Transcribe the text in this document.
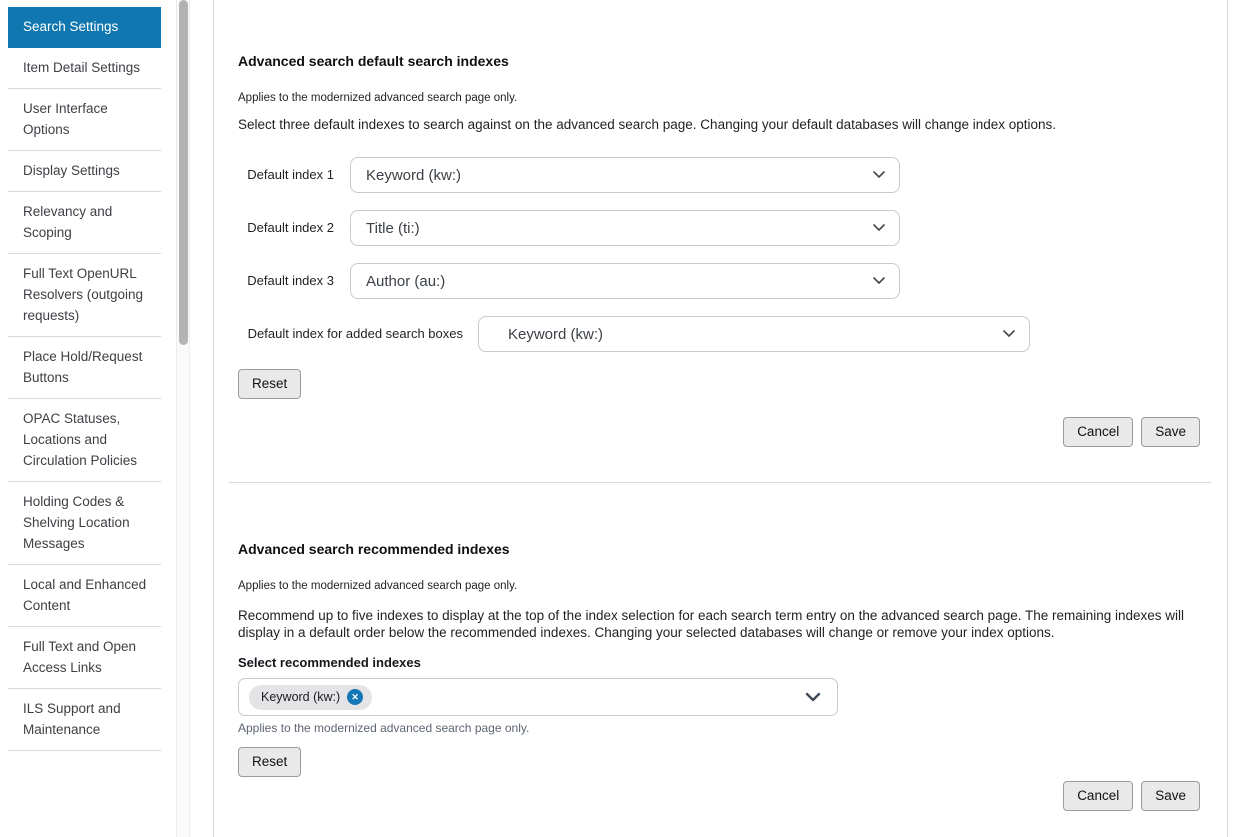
Search Settings
Item Detail Settings
User Interface Options
Display Settings
Relevancy and Scoping
Full Text OpenURL Resolvers (outgoing requests)
Place Hold/Request Buttons
OPAC Statuses, Locations and Circulation Policies
Holding Codes & Shelving Location Messages
Local and Enhanced Content
Full Text and Open Access Links
ILS Support and Maintenance
Advanced search default search indexes

Applies to the modernized advanced search page only.

Select three default indexes to search against on the advanced search page. Changing your default databases will change index options.

Default index 1 Keyword (kw:)
Default index 2 Title (ti:)
Default index 3 Author (au:)
Default index for added search boxes	Keyword (kw:)
Reset
Cancel	Save
Advanced search recommended indexes

Applies to the modernized advanced search page only.

Recommend up to five indexes to display at the top of the index selection for each search term entry on the advanced search page. The remaining indexes will display in a default order below the recommended indexes. Changing your selected databases will change or remove your index options.

Select recommended indexes
Keyword (kw:)	✕

Applies to the modernized advanced search page only.

Reset
Cancel	Save
